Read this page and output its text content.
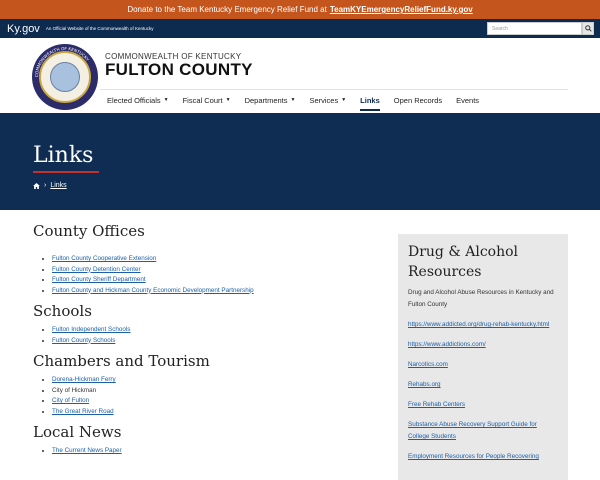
Donate to the Team Kentucky Emergency Relief Fund at TeamKYEmergencyReliefFund.ky.gov
Ky.gov An Official Website of the Commonwealth of Kentucky	Search
COMMONWEALTH OF KENTUCKY COMMONWEALTH OF KENTUCKY
FULTON COUNTY
Elected Officials ▼ Fiscal Court ▼ Departments ▼ Services ▼ Links Open Records Events
Links
› Links
County Offices
• Fulton County Cooperative Extension
• Fulton County Detention Center
• Fulton County Sheriff Department
• Fulton County and Hickman County Economic Development Partnership
Schools
• Fulton Independent Schools
• Fulton County Schools
Chambers and Tourism
• Dorena-Hickman Ferry
• City of Hickman
• City of Fulton
• The Great River Road
Local News
• The Current News Paper
Drug & Alcohol Resources
Drug and Alcohol Abuse Resources in Kentucky and Fulton County
https://www.addicted.org/drug-rehab-kentucky.html
https://www.addictions.com/
Narcotics.com
Rehabs.org
Free Rehab Centers
Substance Abuse Recovery Support Guide for College Students
Employment Resources for People Recovering
